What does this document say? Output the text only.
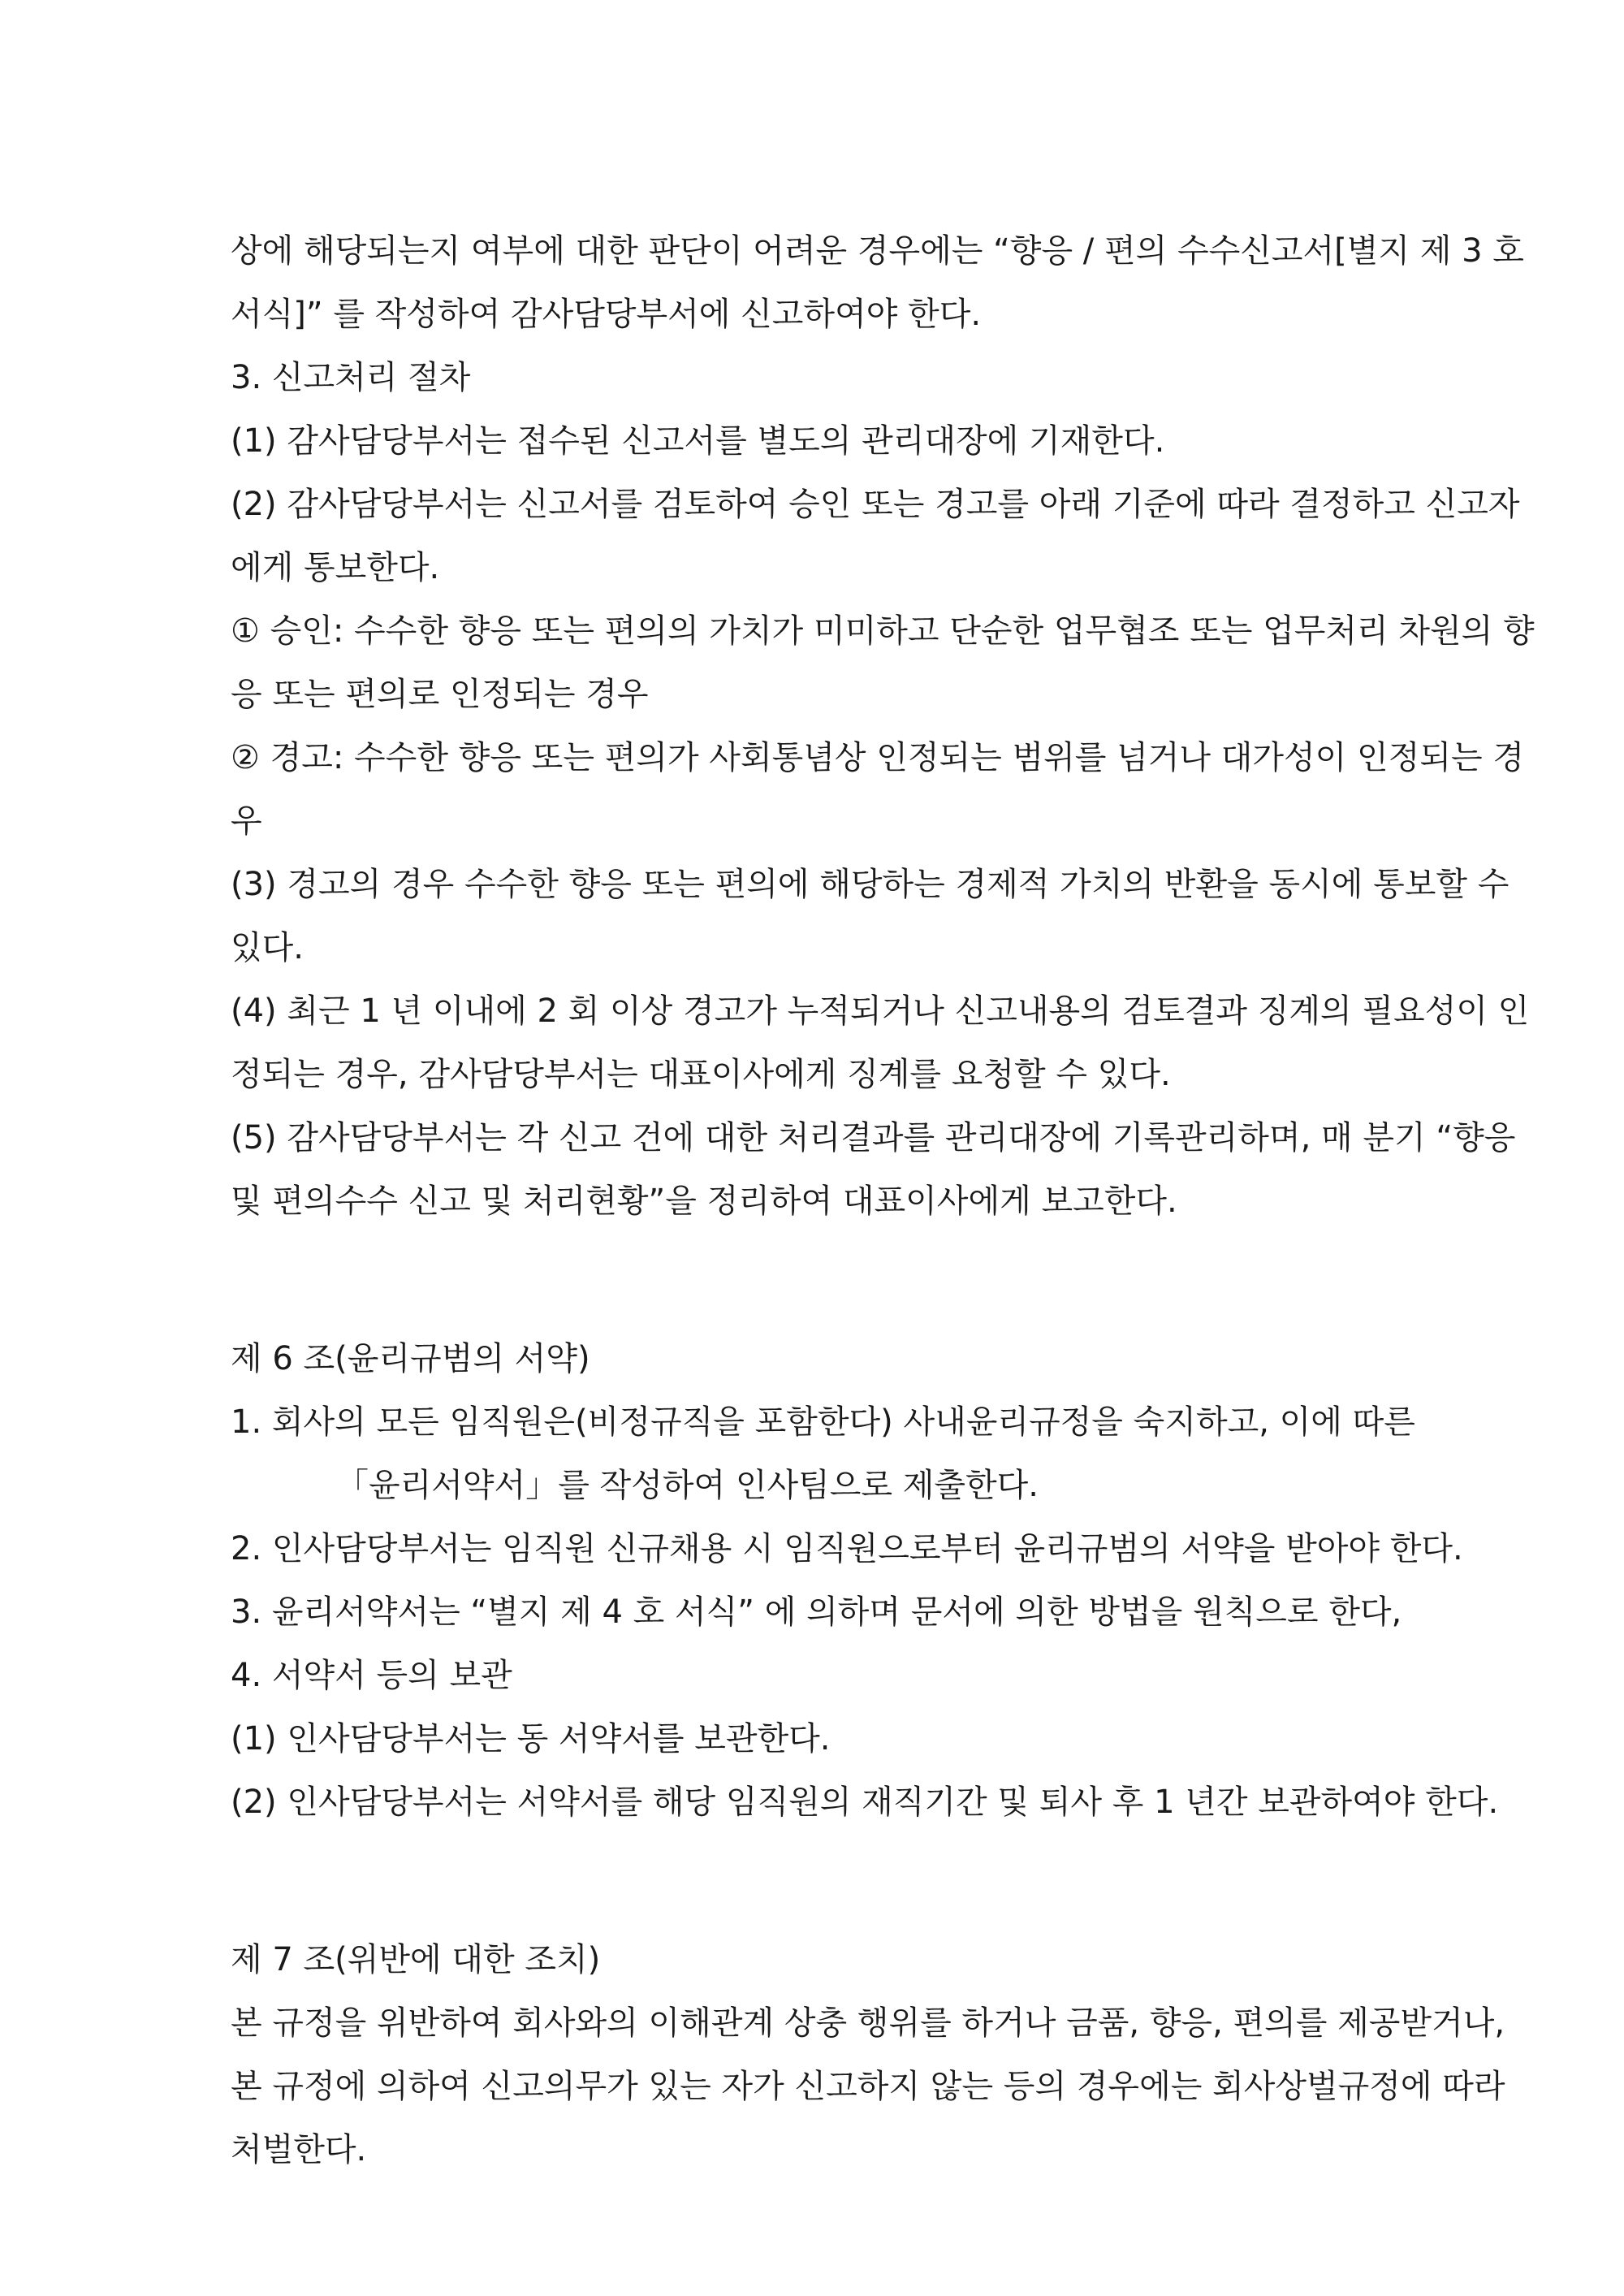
상에 해당되는지 여부에 대한 판단이 어려운 경우에는 “향응 / 편의 수수신고서[별지 제 3 호
서식]” 를 작성하여 감사담당부서에 신고하여야 한다.
3. 신고처리 절차
(1) 감사담당부서는 접수된 신고서를 별도의 관리대장에 기재한다.
(2) 감사담당부서는 신고서를 검토하여 승인 또는 경고를 아래 기준에 따라 결정하고 신고자
에게 통보한다.
① 승인: 수수한 향응 또는 편의의 가치가 미미하고 단순한 업무협조 또는 업무처리 차원의 향
응 또는 편의로 인정되는 경우
② 경고: 수수한 향응 또는 편의가 사회통념상 인정되는 범위를 넘거나 대가성이 인정되는 경
우
(3) 경고의 경우 수수한 향응 또는 편의에 해당하는 경제적 가치의 반환을 동시에 통보할 수
있다.
(4) 최근 1 년 이내에 2 회 이상 경고가 누적되거나 신고내용의 검토결과 징계의 필요성이 인
정되는 경우, 감사담당부서는 대표이사에게 징계를 요청할 수 있다.
(5) 감사담당부서는 각 신고 건에 대한 처리결과를 관리대장에 기록관리하며, 매 분기 “향응
및 편의수수 신고 및 처리현황”을 정리하여 대표이사에게 보고한다.
제 6 조(윤리규범의 서약)
1. 회사의 모든 임직원은(비정규직을 포함한다) 사내윤리규정을 숙지하고, 이에 따른
「윤리서약서」를 작성하여 인사팀으로 제출한다.
2. 인사담당부서는 임직원 신규채용 시 임직원으로부터 윤리규범의 서약을 받아야 한다.
3. 윤리서약서는 “별지 제 4 호 서식” 에 의하며 문서에 의한 방법을 원칙으로 한다,
4. 서약서 등의 보관
(1) 인사담당부서는 동 서약서를 보관한다.
(2) 인사담당부서는 서약서를 해당 임직원의 재직기간 및 퇴사 후 1 년간 보관하여야 한다.
제 7 조(위반에 대한 조치)
본 규정을 위반하여 회사와의 이해관계 상충 행위를 하거나 금품, 향응, 편의를 제공받거나,
본 규정에 의하여 신고의무가 있는 자가 신고하지 않는 등의 경우에는 회사상벌규정에 따라
처벌한다.
